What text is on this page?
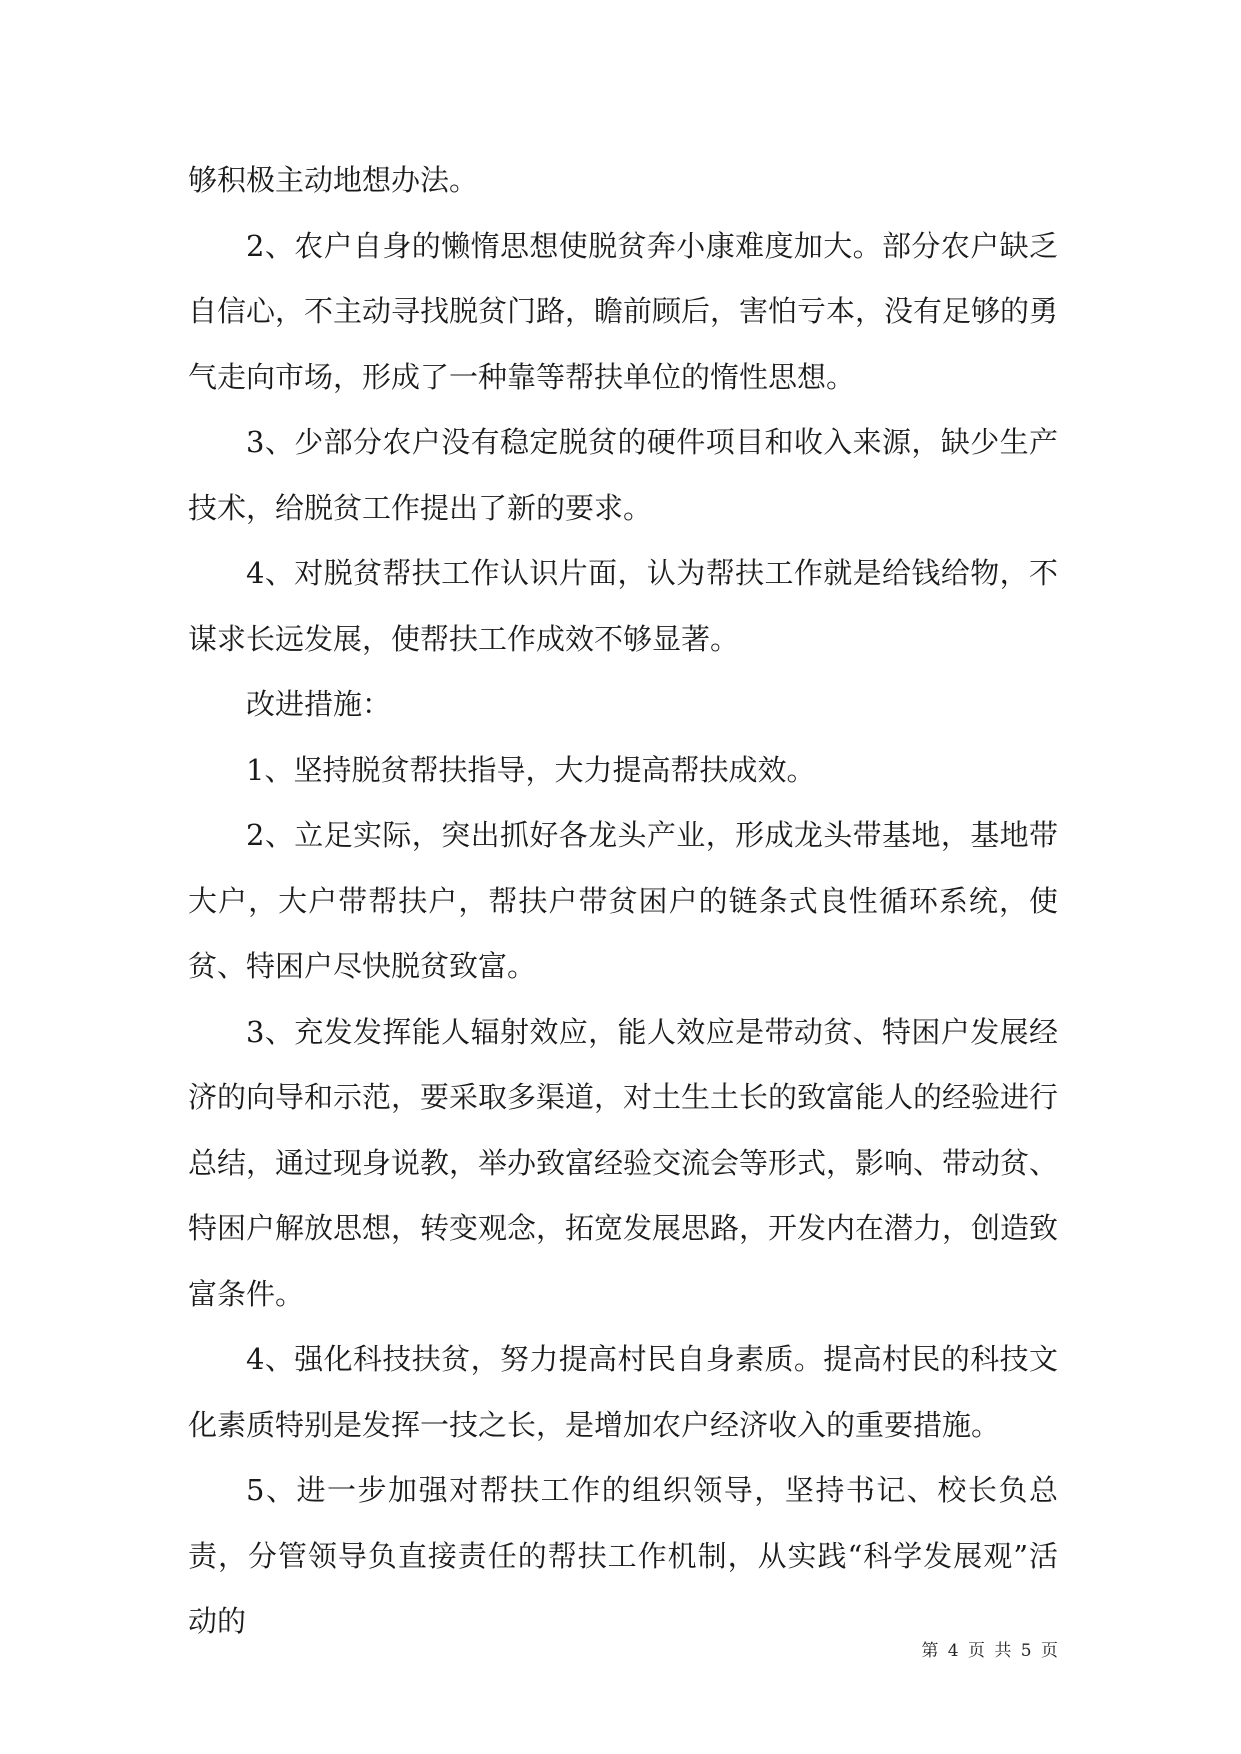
够积极主动地想办法。

2、农户自身的懒惰思想使脱贫奔小康难度加大。部分农户缺乏自信心，不主动寻找脱贫门路，瞻前顾后，害怕亏本，没有足够的勇气走向市场，形成了一种靠等帮扶单位的惰性思想。

3、少部分农户没有稳定脱贫的硬件项目和收入来源，缺少生产技术，给脱贫工作提出了新的要求。

4、对脱贫帮扶工作认识片面，认为帮扶工作就是给钱给物，不谋求长远发展，使帮扶工作成效不够显著。

改进措施：

1、坚持脱贫帮扶指导，大力提高帮扶成效。

2、立足实际，突出抓好各龙头产业，形成龙头带基地，基地带大户，大户带帮扶户，帮扶户带贫困户的链条式良性循环系统，使贫、特困户尽快脱贫致富。

3、充发发挥能人辐射效应，能人效应是带动贫、特困户发展经济的向导和示范，要采取多渠道，对土生土长的致富能人的经验进行总结，通过现身说教，举办致富经验交流会等形式，影响、带动贫、特困户解放思想，转变观念，拓宽发展思路，开发内在潜力，创造致富条件。

4、强化科技扶贫，努力提高村民自身素质。提高村民的科技文化素质特别是发挥一技之长，是增加农户经济收入的重要措施。

5、进一步加强对帮扶工作的组织领导，坚持书记、校长负总责，分管领导负直接责任的帮扶工作机制，从实践“科学发展观”活动的

第 4 页 共 5 页
